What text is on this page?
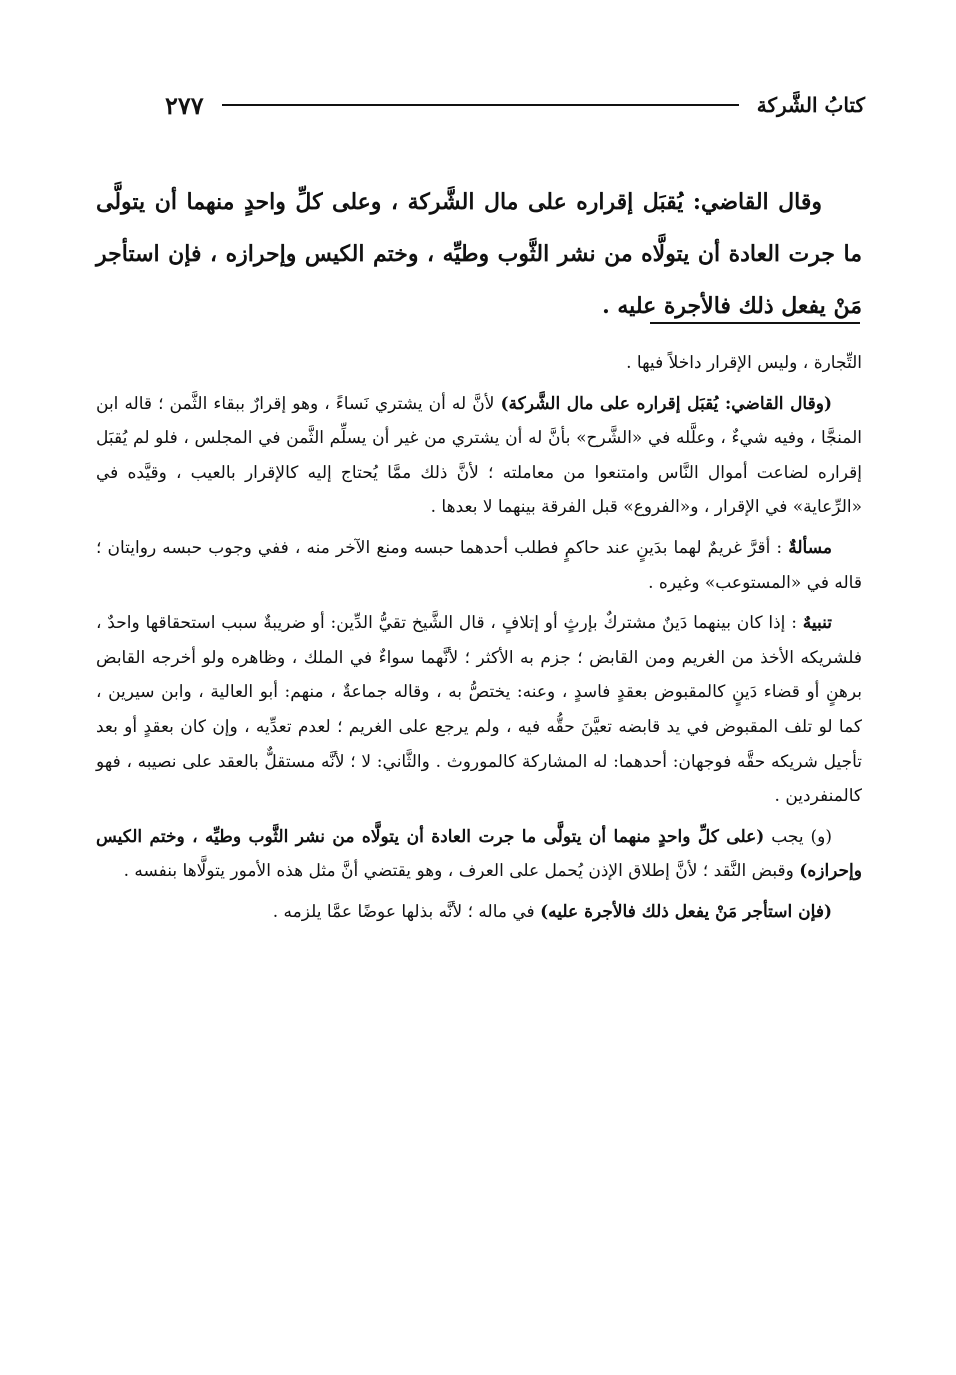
٢٧٧	كتابُ الشَّركة

وقال القاضي: يُقبَل إقراره على مال الشَّركة ، وعلى كلِّ واحدٍ منهما أن يتولَّى ما جرت العادة أن يتولَّاه من نشر الثَّوب وطيِّه ، وختم الكيس وإحرازه ، فإن استأجر مَنْ يفعل ذلك فالأجرة عليه .

التِّجارة ، وليس الإقرار داخلاً فيها .

(وقال القاضي: يُقبَل إقراره على مال الشَّركة) لأنَّ له أن يشتري نَساءً ، وهو إقرارٌ ببقاء الثَّمن ؛ قاله ابن المنجَّا ، وفيه شيءٌ ، وعلَّله في «الشَّرح» بأنَّ له أن يشتري من غير أن يسلِّم الثَّمن في المجلس ، فلو لم يُقبَل إقراره لضاعت أموال النَّاس وامتنعوا من معاملته ؛ لأنَّ ذلك ممَّا يُحتاج إليه كالإقرار بالعيب ، وقيَّده في «الرِّعاية» في الإقرار ، و«الفروع» قبل الفرقة بينهما لا بعدها .

مسألةٌ : أقرَّ غريمٌ لهما بدَينٍ عند حاكمٍ فطلب أحدهما حبسه ومنع الآخر منه ، ففي وجوب حبسه روايتان ؛ قاله في «المستوعب» وغيره .

تنبيهٌ : إذا كان بينهما دَينٌ مشتركٌ بإرثٍ أو إتلافٍ ، قال الشَّيخ تقيُّ الدِّين: أو ضريبةٌ سبب استحقاقها واحدٌ ، فلشريكه الأخذ من الغريم ومن القابض ؛ جزم به الأكثر ؛ لأنَّهما سواءٌ في الملك ، وظاهره ولو أخرجه القابض برهنٍ أو قضاء دَينٍ كالمقبوض بعقدٍ فاسدٍ ، وعنه: يختصُّ به ، وقاله جماعةٌ ، منهم: أبو العالية ، وابن سيرين ، كما لو تلف المقبوض في يد قابضه تعيَّنَ حقُّه فيه ، ولم يرجع على الغريم ؛ لعدم تعدِّيه ، وإن كان بعقدٍ أو بعد تأجيل شريكه حقَّه فوجهان: أحدهما: له المشاركة كالموروث . والثَّاني: لا ؛ لأنَّه مستقلٌّ بالعقد على نصيبه ، فهو كالمنفردين .

(و) يجب (على كلِّ واحدٍ منهما أن يتولَّى ما جرت العادة أن يتولَّاه من نشر الثَّوب وطيِّه ، وختم الكيس وإحرازه) وقبض النَّقد ؛ لأنَّ إطلاق الإذن يُحمل على العرف ، وهو يقتضي أنَّ مثل هذه الأمور يتولَّاها بنفسه .

(فإن استأجر مَنْ يفعل ذلك فالأجرة عليه) في ماله ؛ لأنَّه بذلها عوضًا عمَّا يلزمه .
